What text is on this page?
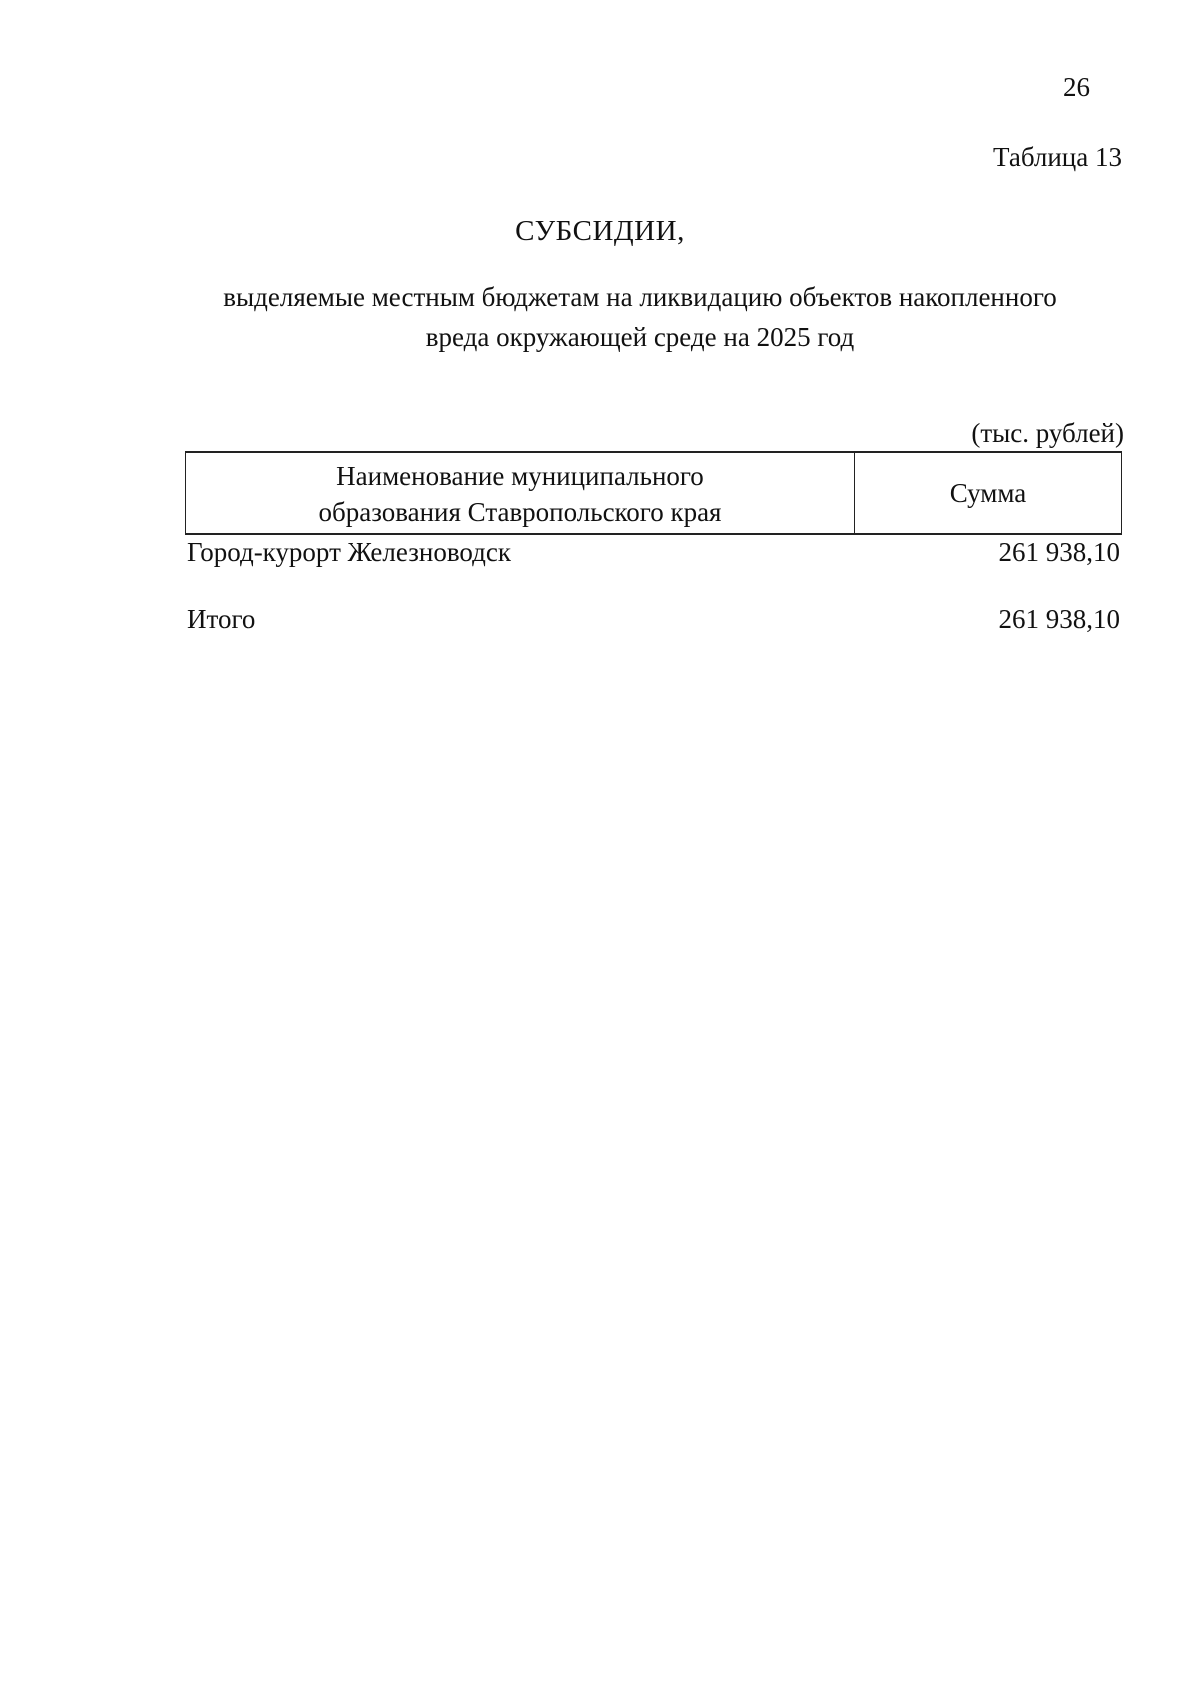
26
Таблица 13
СУБСИДИИ,
выделяемые местным бюджетам на ликвидацию объектов накопленного
вреда окружающей среде на 2025 год
(тыс. рублей)
Наименование муниципального
образования Ставропольского края
Сумма
Город-курорт Железноводск	261 938,10
Итого	261 938,10
